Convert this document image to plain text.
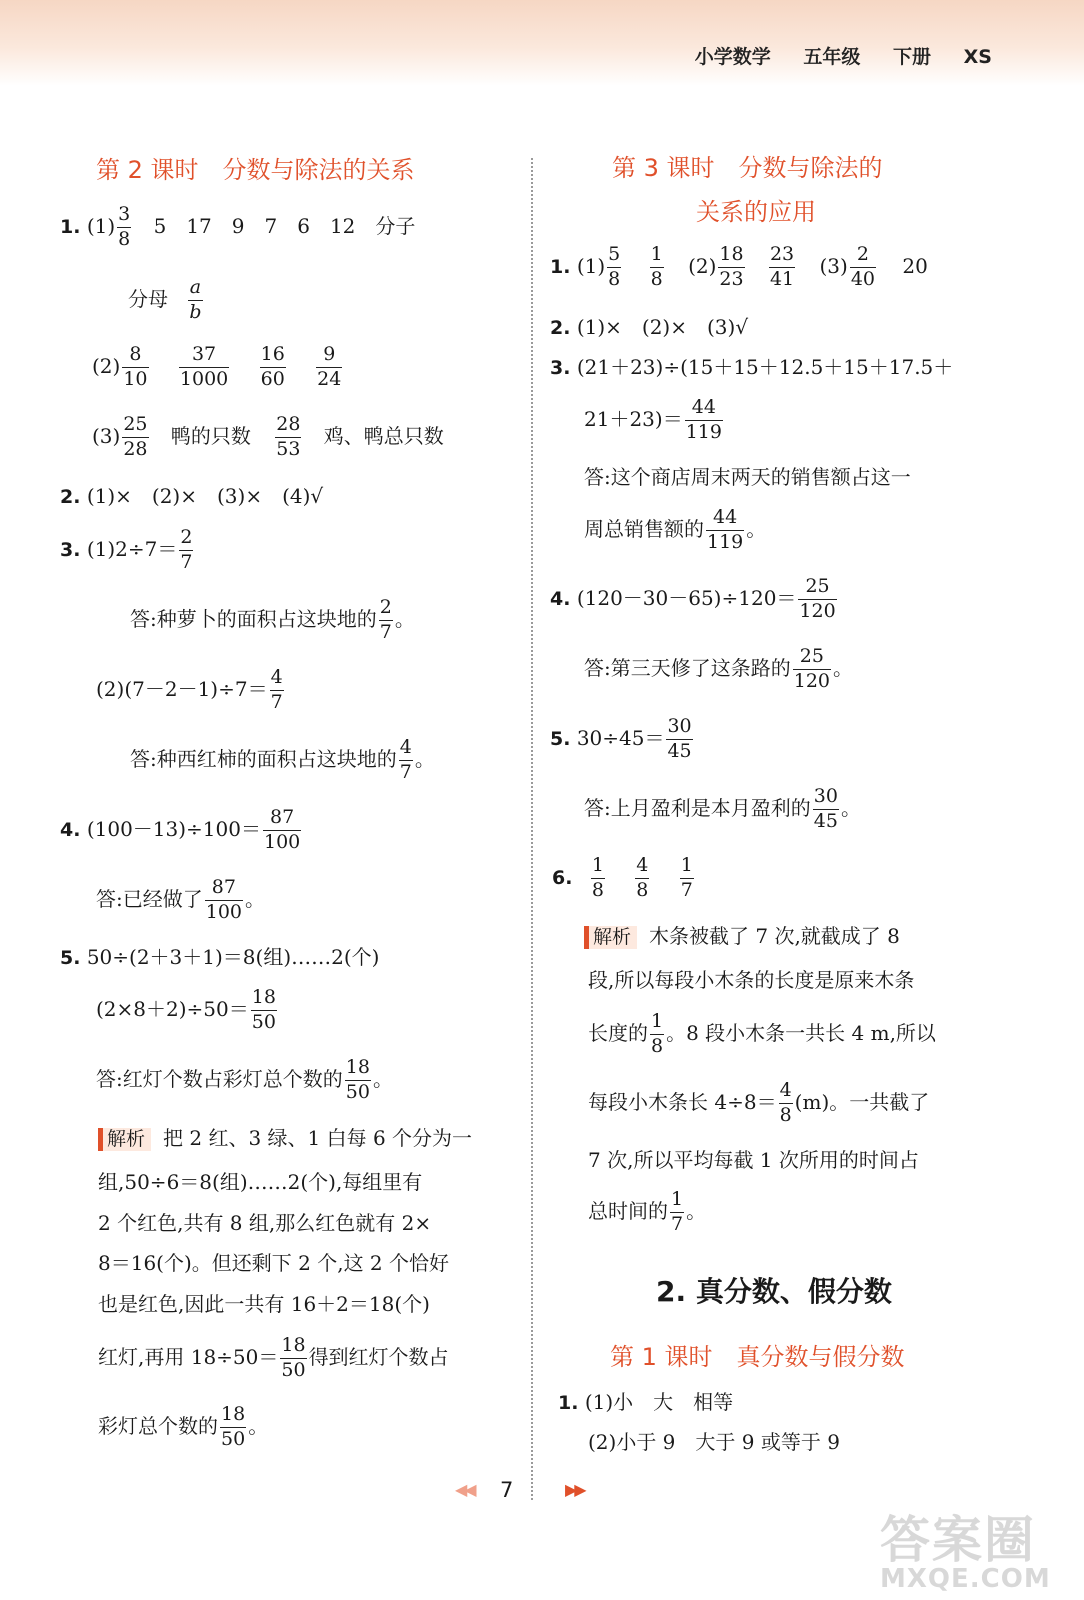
小学数学 五年级 下册 XS
第 2 课时　分数与除法的关系
1. $(1) \frac{3}{8} 5$　17　9　7　6　12　分子
分母 $\frac{a}{b}$
$(2) \frac{8}{10}$
$\frac{37}{1000}$
$\frac{16}{60}$
$\frac{9}{24}$
$(3) \frac{25}{28}$ 鸭的只数 $\frac{28}{53}$ 鸡、鸭总只数
2. (1)×　(2)×　(3)×　(4)√
3. $(1)2\div 7= \frac{2}{7}$
答:种萝卜的面积占这块地的 $\frac{2}{7}$ 。
$(2)(7-2-1)\div 7= \frac{4}{7}$
答:种西红柿的面积占这块地的 $\frac{4}{7}$ 。
4. $(100-13)\div 100= \frac{87}{100}$
答:已经做了 $\frac{87}{100}$ 。
5. 50÷(2＋3＋1)＝8(组)……2(个)
$(2\times 8+2)\div 50= \frac{18}{50}$
答:红灯个数占彩灯总个数的 $\frac{18}{50}$ 。
解析 把 2 红、3 绿、1 白每 6 个分为一
组,50÷6＝8(组)……2(个),每组里有
2 个红色,共有 8 组,那么红色就有 2×
8＝16(个)。但还剩下 2 个,这 2 个恰好
也是红色,因此一共有 16＋2＝18(个)
红灯,再用 $18\div 50= \frac{18}{50}$ 得到红灯个数占
彩灯总个数的 $\frac{18}{50}$ 。
第 3 课时　分数与除法的
关系的应用
1. $(1) \frac{5}{8}$
$\frac{1}{8} (2) \frac{18}{23}$
$\frac{23}{41} (3) \frac{2}{40} 20$
2. (1)×　(2)×　(3)√
3. (21＋23)÷(15＋15＋12.5＋15＋17.5＋
$21+23)= \frac{44}{119}$
答:这个商店周末两天的销售额占这一
周总销售额的 $\frac{44}{119}$ 。
4. $(120-30-65)\div 120= \frac{25}{120}$
答:第三天修了这条路的 $\frac{25}{120}$ 。
5. $30\div 45= \frac{30}{45}$
答:上月盈利是本月盈利的 $\frac{30}{45}$ 。
6. $\frac{1}{8}$
$\frac{4}{8}$
$\frac{1}{7}$
解析 木条被截了 7 次,就截成了 8
段,所以每段小木条的长度是原来木条
长度的 $\frac{1}{8}$ 。8 段小木条一共长 4 m,所以
每段小木条长 $4\div 8= \frac{4}{8} (m)$。一共截了
7 次,所以平均每截 1 次所用的时间占
总时间的 $\frac{1}{7}$ 。
2. 真分数、假分数
第 1 课时　真分数与假分数
1. (1)小　大　相等
(2)小于 9　大于 9 或等于 9
◀◀ 7	▶▶
答案圈
MXQE.COM
